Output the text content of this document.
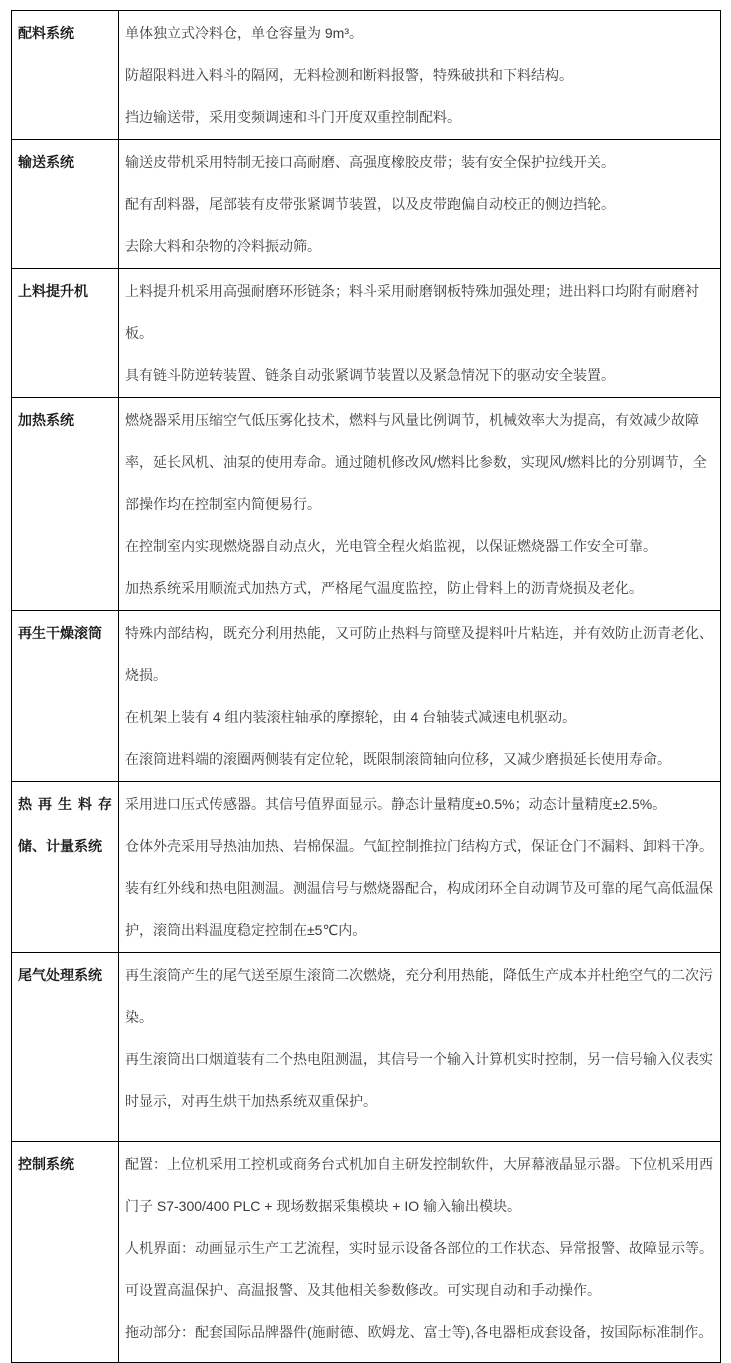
配料系统	单体独立式冷料仓，单仓容量为 9m³。

防超限料进入料斗的隔网，无料检测和断料报警，特殊破拱和下料结构。

挡边输送带，采用变频调速和斗门开度双重控制配料。

输送系统	输送皮带机采用特制无接口高耐磨、高强度橡胶皮带；装有安全保护拉线开关。

配有刮料器，尾部装有皮带张紧调节装置，以及皮带跑偏自动校正的侧边挡轮。

去除大料和杂物的冷料振动筛。

上料提升机	上料提升机采用高强耐磨环形链条；料斗采用耐磨钢板特殊加强处理；进出料口均附有耐磨衬板。

具有链斗防逆转装置、链条自动张紧调节装置以及紧急情况下的驱动安全装置。

加热系统	燃烧器采用压缩空气低压雾化技术，燃料与风量比例调节，机械效率大为提高，有效减少故障率，延长风机、油泵的使用寿命。通过随机修改风/燃料比参数，实现风/燃料比的分别调节，全部操作均在控制室内简便易行。

在控制室内实现燃烧器自动点火，光电管全程火焰监视，以保证燃烧器工作安全可靠。

加热系统采用顺流式加热方式，严格尾气温度监控，防止骨料上的沥青烧损及老化。

再生干燥滚筒	特殊内部结构，既充分利用热能，又可防止热料与筒壁及提料叶片粘连，并有效防止沥青老化、烧损。

在机架上装有 4 组内装滚柱轴承的摩擦轮，由 4 台轴装式减速电机驱动。

在滚筒进料端的滚圈两侧装有定位轮，既限制滚筒轴向位移，又减少磨损延长使用寿命。

热再生料存储、计量系统	采用进口压式传感器。其信号值界面显示。静态计量精度±0.5%；动态计量精度±2.5%。

仓体外壳采用导热油加热、岩棉保温。气缸控制推拉门结构方式，保证仓门不漏料、卸料干净。

装有红外线和热电阻测温。测温信号与燃烧器配合，构成闭环全自动调节及可靠的尾气高低温保护，滚筒出料温度稳定控制在±5℃内。

尾气处理系统	再生滚筒产生的尾气送至原生滚筒二次燃烧，充分利用热能，降低生产成本并杜绝空气的二次污染。

再生滚筒出口烟道装有二个热电阻测温，其信号一个输入计算机实时控制，另一信号输入仪表实时显示，对再生烘干加热系统双重保护。

控制系统	配置：上位机采用工控机或商务台式机加自主研发控制软件，大屏幕液晶显示器。下位机采用西门子 S7-300/400 PLC + 现场数据采集模块 + IO 输入输出模块。

人机界面：动画显示生产工艺流程，实时显示设备各部位的工作状态、异常报警、故障显示等。

可设置高温保护、高温报警、及其他相关参数修改。可实现自动和手动操作。

拖动部分：配套国际品牌器件(施耐德、欧姆龙、富士等),各电器柜成套设备，按国际标准制作。
